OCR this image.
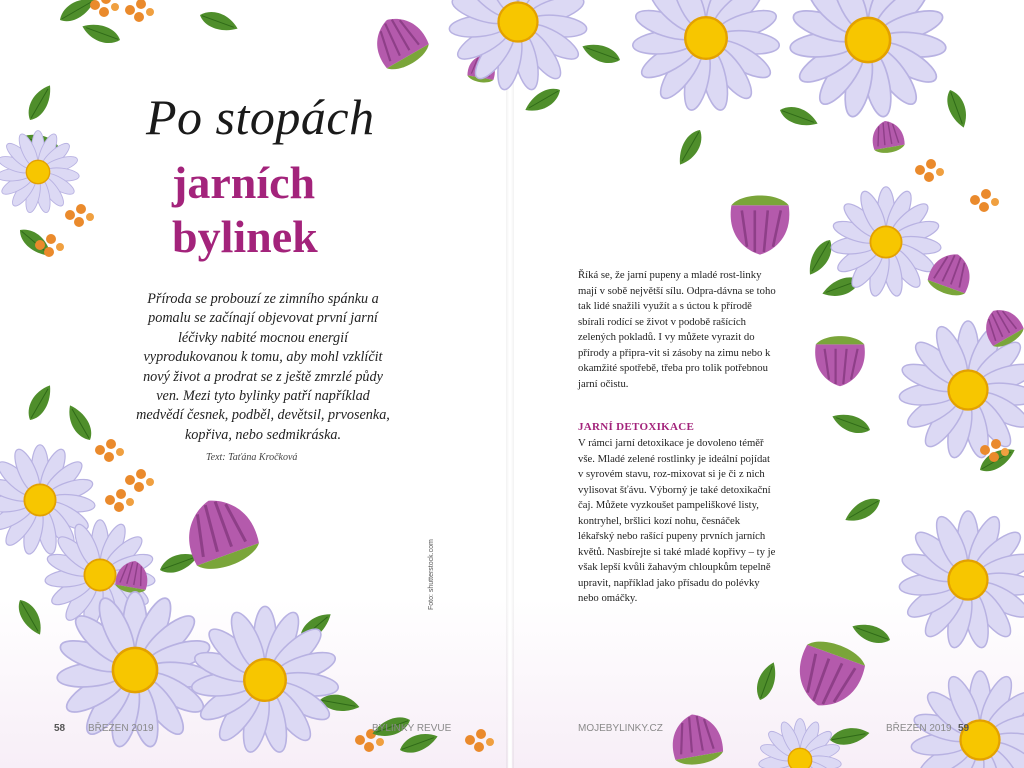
Po stopách
jarních
bylinek
Příroda se probouzí ze zimního spánku a pomalu se začínají objevovat první jarní léčivky nabité mocnou energií vyprodukovanou k tomu, aby mohl vzklíčit nový život a prodrat se z ještě zmrzlé půdy ven. Mezi tyto bylinky patří například medvědí česnek, podběl, devětsil, prvosenka, kopřiva, nebo sedmikráska.
Text: Taťána Kročková
Foto: shutterstock.com
Říká se, že jarní pupeny a mladé rost-linky mají v sobě největší sílu. Odpra-dávna se toho tak lidé snažili využít a s úctou k přírodě sbírali rodící se život v podobě rašících zelených pokladů. I vy můžete vyrazit do přírody a připra-vit si zásoby na zimu nebo k okamžité spotřebě, třeba pro tolik potřebnou jarní očistu.
JARNÍ DETOXIKACE
V rámci jarní detoxikace je dovoleno téměř vše. Mladé zelené rostlinky je ideální pojídat v syrovém stavu, roz-mixovat si je či z nich vylisovat šťávu. Výborný je také detoxikační čaj. Můžete vyzkoušet pampeliškové listy, kontryhel, bršlici kozí nohu, česnáček lékařský nebo rašící pupeny prvních jarních květů. Nasbírejte si také mladé kopřivy – ty je však lepší kvůli žahavým chloupkům tepelně upravit, například jako přísadu do polévky nebo omáčky.
58 BŘEZEN 2019	BYLINKY REVUE	MOJEBYLINKY.CZ	BŘEZEN 2019 59
